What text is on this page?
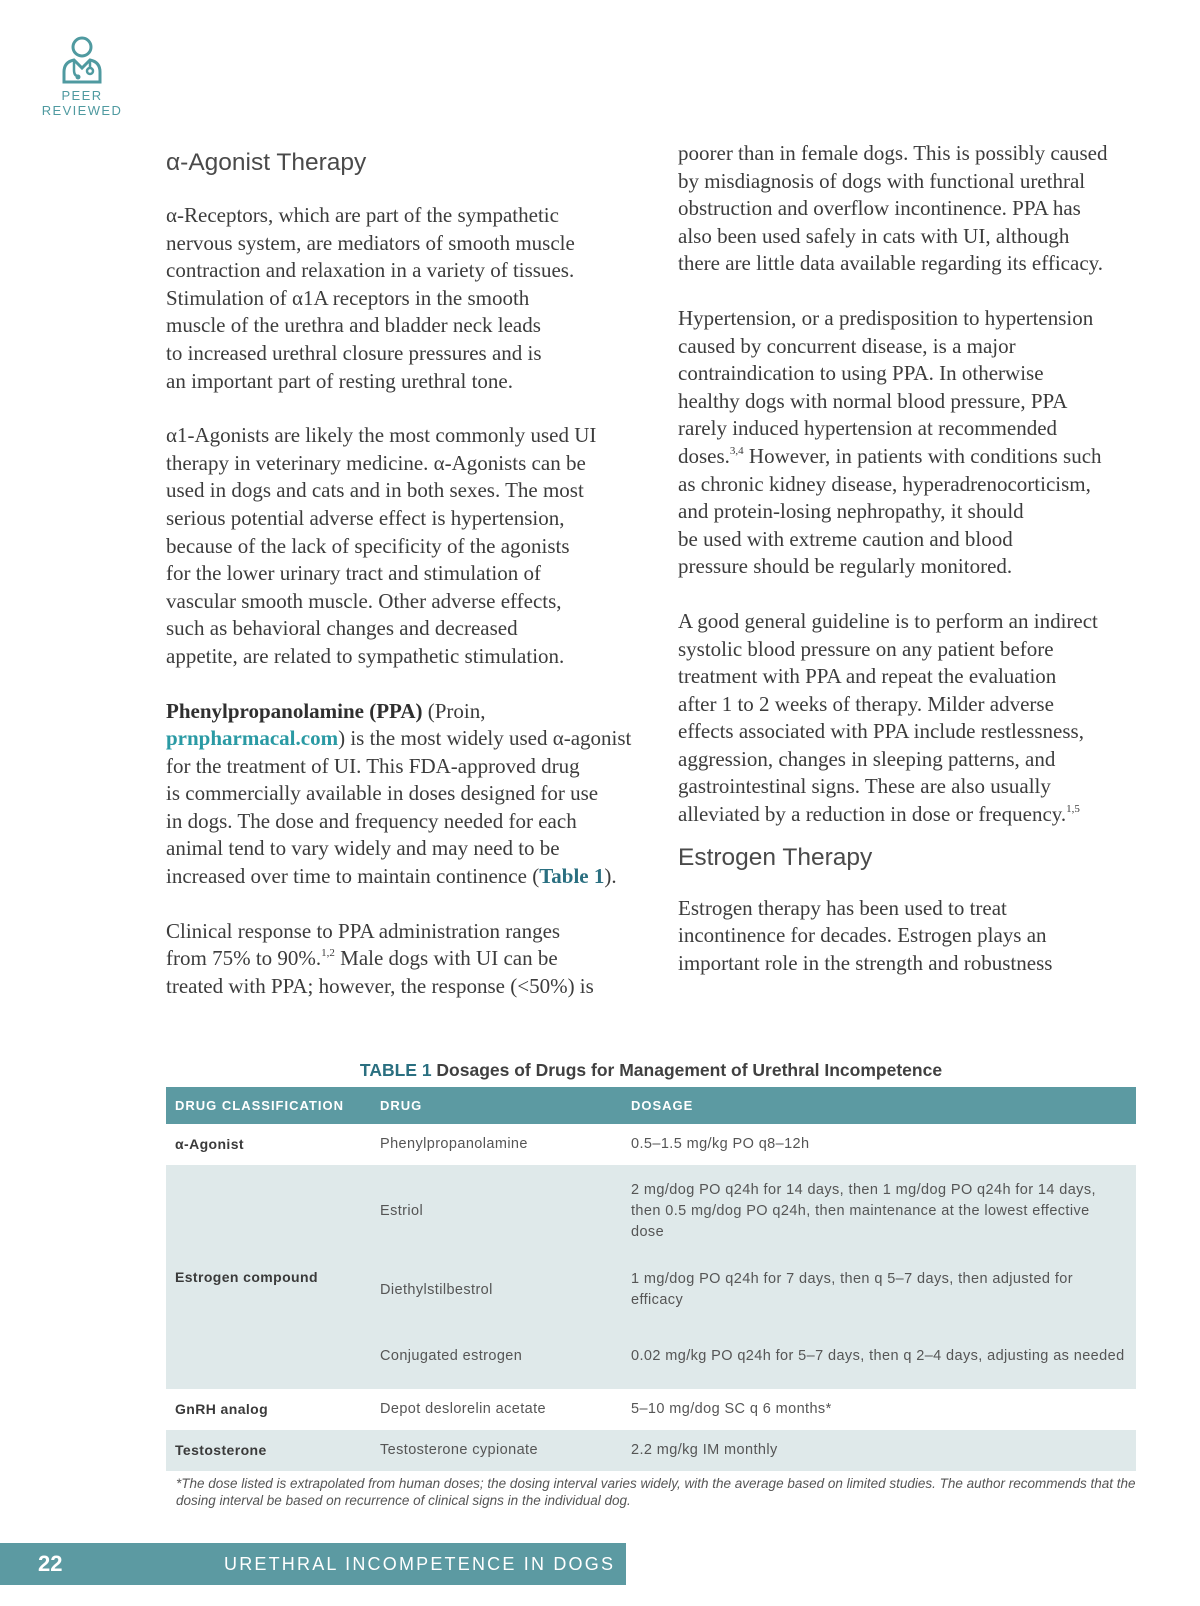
PEER
REVIEWED
α-Agonist Therapy

α-Receptors, which are part of the sympathetic
nervous system, are mediators of smooth muscle
contraction and relaxation in a variety of tissues.
Stimulation of α1A receptors in the smooth
muscle of the urethra and bladder neck leads
to increased urethral closure pressures and is
an important part of resting urethral tone.

α1-Agonists are likely the most commonly used UI
therapy in veterinary medicine. α-Agonists can be
used in dogs and cats and in both sexes. The most
serious potential adverse effect is hypertension,
because of the lack of specificity of the agonists
for the lower urinary tract and stimulation of
vascular smooth muscle. Other adverse effects,
such as behavioral changes and decreased
appetite, are related to sympathetic stimulation.

Phenylpropanolamine (PPA) (Proin,
prnpharmacal.com) is the most widely used α-agonist
for the treatment of UI. This FDA-approved drug
is commercially available in doses designed for use
in dogs. The dose and frequency needed for each
animal tend to vary widely and may need to be
increased over time to maintain continence (Table 1).

Clinical response to PPA administration ranges
from 75% to 90%.$^{1,2}$ Male dogs with UI can be
treated with PPA; however, the response (<50%) is

poorer than in female dogs. This is possibly caused
by misdiagnosis of dogs with functional urethral
obstruction and overflow incontinence. PPA has
also been used safely in cats with UI, although
there are little data available regarding its efficacy.

Hypertension, or a predisposition to hypertension
caused by concurrent disease, is a major
contraindication to using PPA. In otherwise
healthy dogs with normal blood pressure, PPA
rarely induced hypertension at recommended
doses.$^{3,4}$ However, in patients with conditions such
as chronic kidney disease, hyperadrenocorticism,
and protein-losing nephropathy, it should
be used with extreme caution and blood
pressure should be regularly monitored.

A good general guideline is to perform an indirect
systolic blood pressure on any patient before
treatment with PPA and repeat the evaluation
after 1 to 2 weeks of therapy. Milder adverse
effects associated with PPA include restlessness,
aggression, changes in sleeping patterns, and
gastrointestinal signs. These are also usually
alleviated by a reduction in dose or frequency.$^{1,5}$

Estrogen Therapy

Estrogen therapy has been used to treat
incontinence for decades. Estrogen plays an
important role in the strength and robustness

TABLE 1 Dosages of Drugs for Management of Urethral Incompetence
DRUG CLASSIFICATION	DRUG	DOSAGE
α-Agonist	Phenylpropanolamine	0.5–1.5 mg/kg PO q8–12h
Estrogen compound	Estriol	2 mg/dog PO q24h for 14 days, then 1 mg/dog PO q24h for 14 days, then 0.5 mg/dog PO q24h, then maintenance at the lowest effective dose
	Diethylstilbestrol	1 mg/dog PO q24h for 7 days, then q 5–7 days, then adjusted for efficacy
	Conjugated estrogen	0.02 mg/kg PO q24h for 5–7 days, then q 2–4 days, adjusting as needed
GnRH analog	Depot deslorelin acetate	5–10 mg/dog SC q 6 months*
Testosterone	Testosterone cypionate	2.2 mg/kg IM monthly
*The dose listed is extrapolated from human doses; the dosing interval varies widely, with the average based on limited studies. The author recommends that the dosing interval be based on recurrence of clinical signs in the individual dog.
22	URETHRAL INCOMPETENCE IN DOGS
